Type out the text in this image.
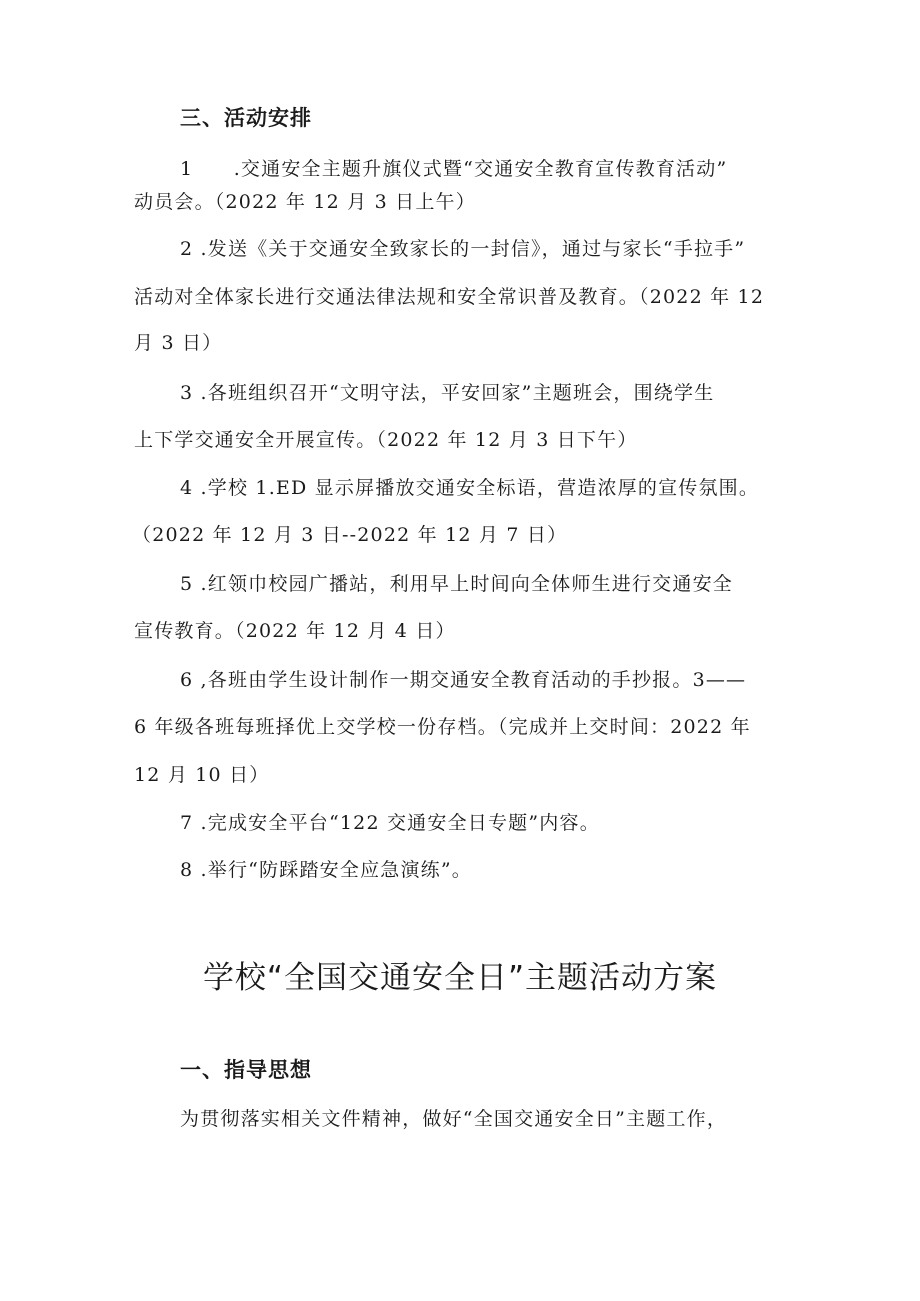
三、活动安排
1　　.交通安全主题升旗仪式暨“交通安全教育宣传教育活动”
动员会。（2022 年 12 月 3 日上午）
2 .发送《关于交通安全致家长的一封信》，通过与家长“手拉手”
活动对全体家长进行交通法律法规和安全常识普及教育。（2022 年 12
月 3 日）
3 .各班组织召开“文明守法，平安回家”主题班会，围绕学生
上下学交通安全开展宣传。（2022 年 12 月 3 日下午）
4 .学校 1.ED 显示屏播放交通安全标语，营造浓厚的宣传氛围。
（2022 年 12 月 3 日--2022 年 12 月 7 日）
5 .红领巾校园广播站，利用早上时间向全体师生进行交通安全
宣传教育。（2022 年 12 月 4 日）
6 ,各班由学生设计制作一期交通安全教育活动的手抄报。3——
6 年级各班每班择优上交学校一份存档。（完成并上交时间：2022 年
12 月 10 日）
7 .完成安全平台“122 交通安全日专题”内容。
8 .举行“防踩踏安全应急演练”。
学校“全国交通安全日”主题活动方案
一、指导思想
为贯彻落实相关文件精神，做好“全国交通安全日”主题工作，
